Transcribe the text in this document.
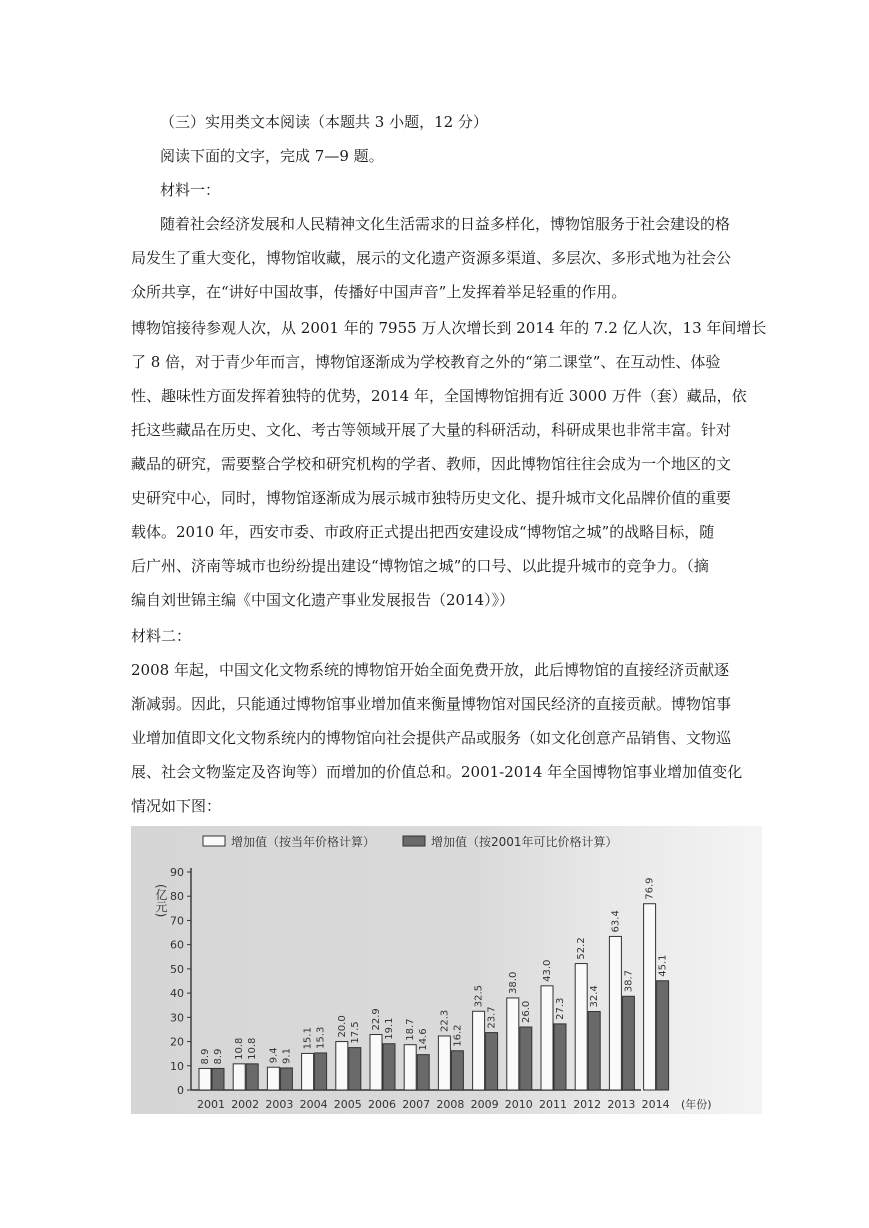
（三）实用类文本阅读（本题共 3 小题，12 分）
阅读下面的文字，完成 7—9 题。
材料一：
随着社会经济发展和人民精神文化生活需求的日益多样化，博物馆服务于社会建设的格
局发生了重大变化，博物馆收藏，展示的文化遗产资源多渠道、多层次、多形式地为社会公
众所共享，在“讲好中国故事，传播好中国声音”上发挥着举足轻重的作用。
博物馆接待参观人次，从 2001 年的 7955 万人次增长到 2014 年的 7.2 亿人次，13 年间增长
了 8 倍，对于青少年而言，博物馆逐渐成为学校教育之外的“第二课堂”、在互动性、体验
性、趣味性方面发挥着独特的优势，2014 年，全国博物馆拥有近 3000 万件（套）藏品，依
托这些藏品在历史、文化、考古等领域开展了大量的科研活动，科研成果也非常丰富。针对
藏品的研究，需要整合学校和研究机构的学者、教师，因此博物馆往往会成为一个地区的文
史研究中心，同时，博物馆逐渐成为展示城市独特历史文化、提升城市文化品牌价值的重要
载体。2010 年，西安市委、市政府正式提出把西安建设成“博物馆之城”的战略目标，随
后广州、济南等城市也纷纷提出建设“博物馆之城”的口号、以此提升城市的竞争力。（摘
编自刘世锦主编《中国文化遗产事业发展报告（2014）》）
材料二：
2008 年起，中国文化文物系统的博物馆开始全面免费开放，此后博物馆的直接经济贡献逐
渐减弱。因此，只能通过博物馆事业增加值来衡量博物馆对国民经济的直接贡献。博物馆事
业增加值即文化文物系统内的博物馆向社会提供产品或服务（如文化创意产品销售、文物巡
展、社会文物鉴定及咨询等）而增加的价值总和。2001-2014 年全国博物馆事业增加值变化
情况如下图：
增加值（按当年价格计算）	增加值（按2001年可比价格计算）
(亿元)
0
10
20
30
40
50
60
70
80
90
8.9 8.9
2001
10.8 10.8
2002
9.4 9.1
2003
15.1 15.3
2004
20.0 17.5
2005
22.9 19.1
2006
18.7 14.6
2007
22.3
16.2
2008
32.5
23.7
2009
38.0
26.0
2010
43.0
27.3
2011
52.2
32.4
2012
63.4
38.7
2013
76.9
45.1
2014 (年份)
